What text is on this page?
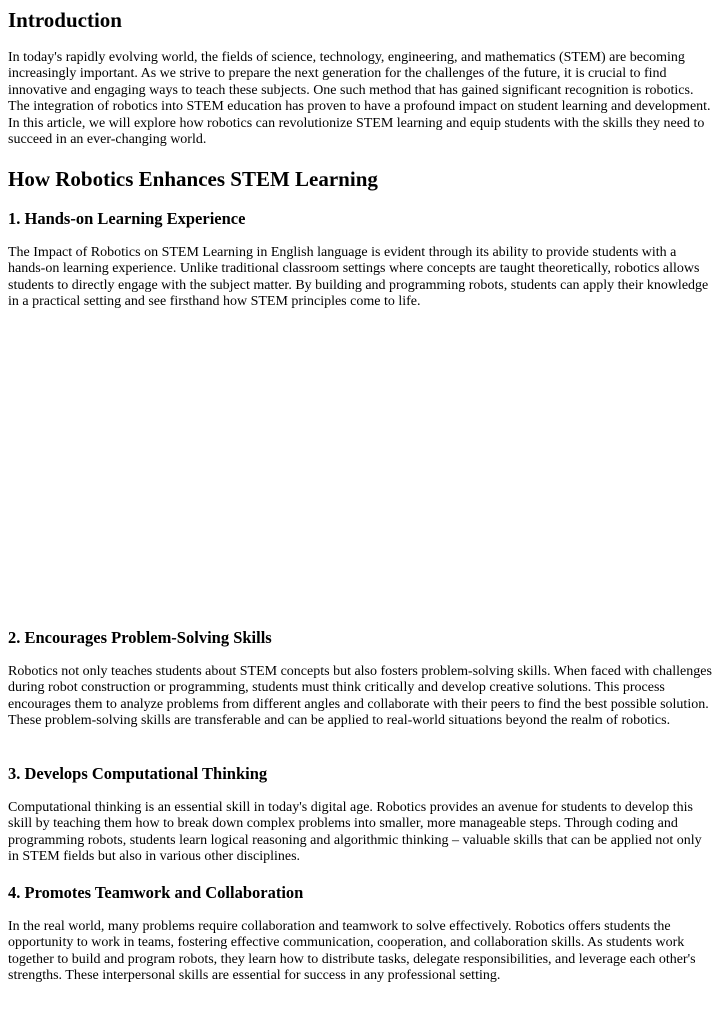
Introduction

In today's rapidly evolving world, the fields of science, technology, engineering, and mathematics (STEM) are becoming increasingly important. As we strive to prepare the next generation for the challenges of the future, it is crucial to find innovative and engaging ways to teach these subjects. One such method that has gained significant recognition is robotics. The integration of robotics into STEM education has proven to have a profound impact on student learning and development. In this article, we will explore how robotics can revolutionize STEM learning and equip students with the skills they need to succeed in an ever-changing world.

How Robotics Enhances STEM Learning
1. Hands-on Learning Experience

The Impact of Robotics on STEM Learning in English language is evident through its ability to provide students with a hands-on learning experience. Unlike traditional classroom settings where concepts are taught theoretically, robotics allows students to directly engage with the subject matter. By building and programming robots, students can apply their knowledge in a practical setting and see firsthand how STEM principles come to life.

2. Encourages Problem-Solving Skills

Robotics not only teaches students about STEM concepts but also fosters problem-solving skills. When faced with challenges during robot construction or programming, students must think critically and develop creative solutions. This process encourages them to analyze problems from different angles and collaborate with their peers to find the best possible solution. These problem-solving skills are transferable and can be applied to real-world situations beyond the realm of robotics.

3. Develops Computational Thinking

Computational thinking is an essential skill in today's digital age. Robotics provides an avenue for students to develop this skill by teaching them how to break down complex problems into smaller, more manageable steps. Through coding and programming robots, students learn logical reasoning and algorithmic thinking – valuable skills that can be applied not only in STEM fields but also in various other disciplines.

4. Promotes Teamwork and Collaboration

In the real world, many problems require collaboration and teamwork to solve effectively. Robotics offers students the opportunity to work in teams, fostering effective communication, cooperation, and collaboration skills. As students work together to build and program robots, they learn how to distribute tasks, delegate responsibilities, and leverage each other's strengths. These interpersonal skills are essential for success in any professional setting.
